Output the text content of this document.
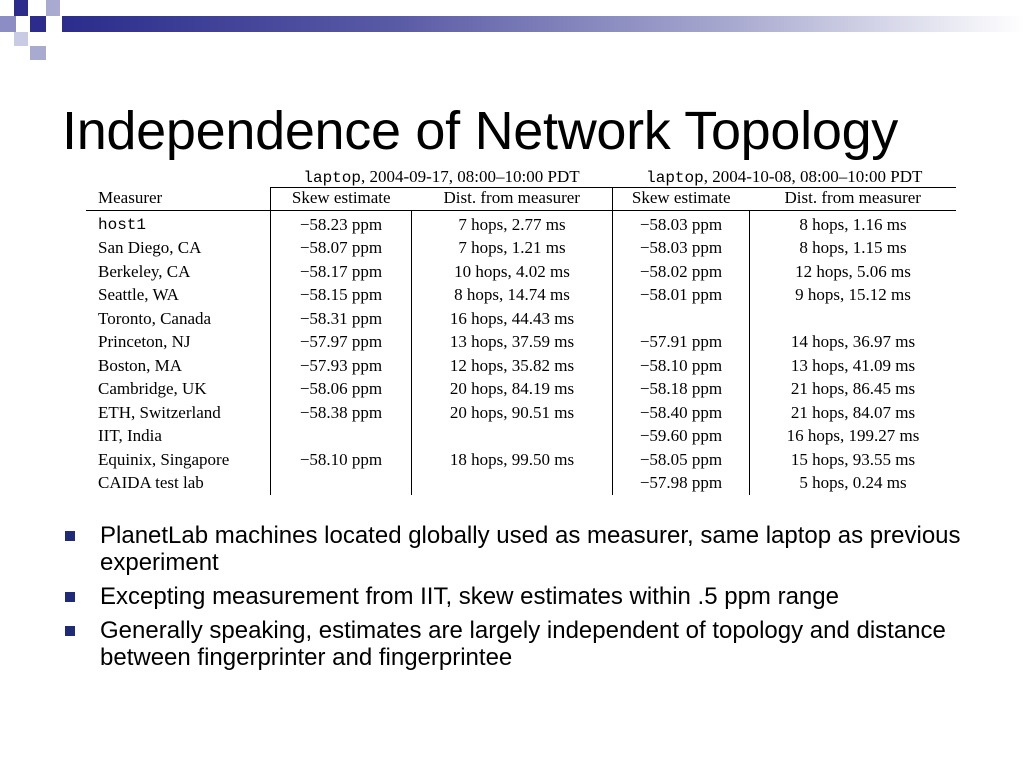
Independence of Network Topology
	laptop, 2004-09-17, 08:00–10:00 PDT		laptop, 2004-10-08, 08:00–10:00 PDT	
Measurer	Skew estimate	Dist. from measurer	Skew estimate	Dist. from measurer
host1	−58.23 ppm	7 hops, 2.77 ms	−58.03 ppm	8 hops, 1.16 ms
San Diego, CA	−58.07 ppm	7 hops, 1.21 ms	−58.03 ppm	8 hops, 1.15 ms
Berkeley, CA	−58.17 ppm	10 hops, 4.02 ms	−58.02 ppm	12 hops, 5.06 ms
Seattle, WA	−58.15 ppm	8 hops, 14.74 ms	−58.01 ppm	9 hops, 15.12 ms
Toronto, Canada	−58.31 ppm	16 hops, 44.43 ms		
Princeton, NJ	−57.97 ppm	13 hops, 37.59 ms	−57.91 ppm	14 hops, 36.97 ms
Boston, MA	−57.93 ppm	12 hops, 35.82 ms	−58.10 ppm	13 hops, 41.09 ms
Cambridge, UK	−58.06 ppm	20 hops, 84.19 ms	−58.18 ppm	21 hops, 86.45 ms
ETH, Switzerland	−58.38 ppm	20 hops, 90.51 ms	−58.40 ppm	21 hops, 84.07 ms
IIT, India			−59.60 ppm	16 hops, 199.27 ms
Equinix, Singapore	−58.10 ppm	18 hops, 99.50 ms	−58.05 ppm	15 hops, 93.55 ms
CAIDA test lab			−57.98 ppm	5 hops, 0.24 ms
PlanetLab machines located globally used as measurer, same laptop as previous experiment
Excepting measurement from IIT, skew estimates within .5 ppm range
Generally speaking, estimates are largely independent of topology and distance between fingerprinter and fingerprintee
